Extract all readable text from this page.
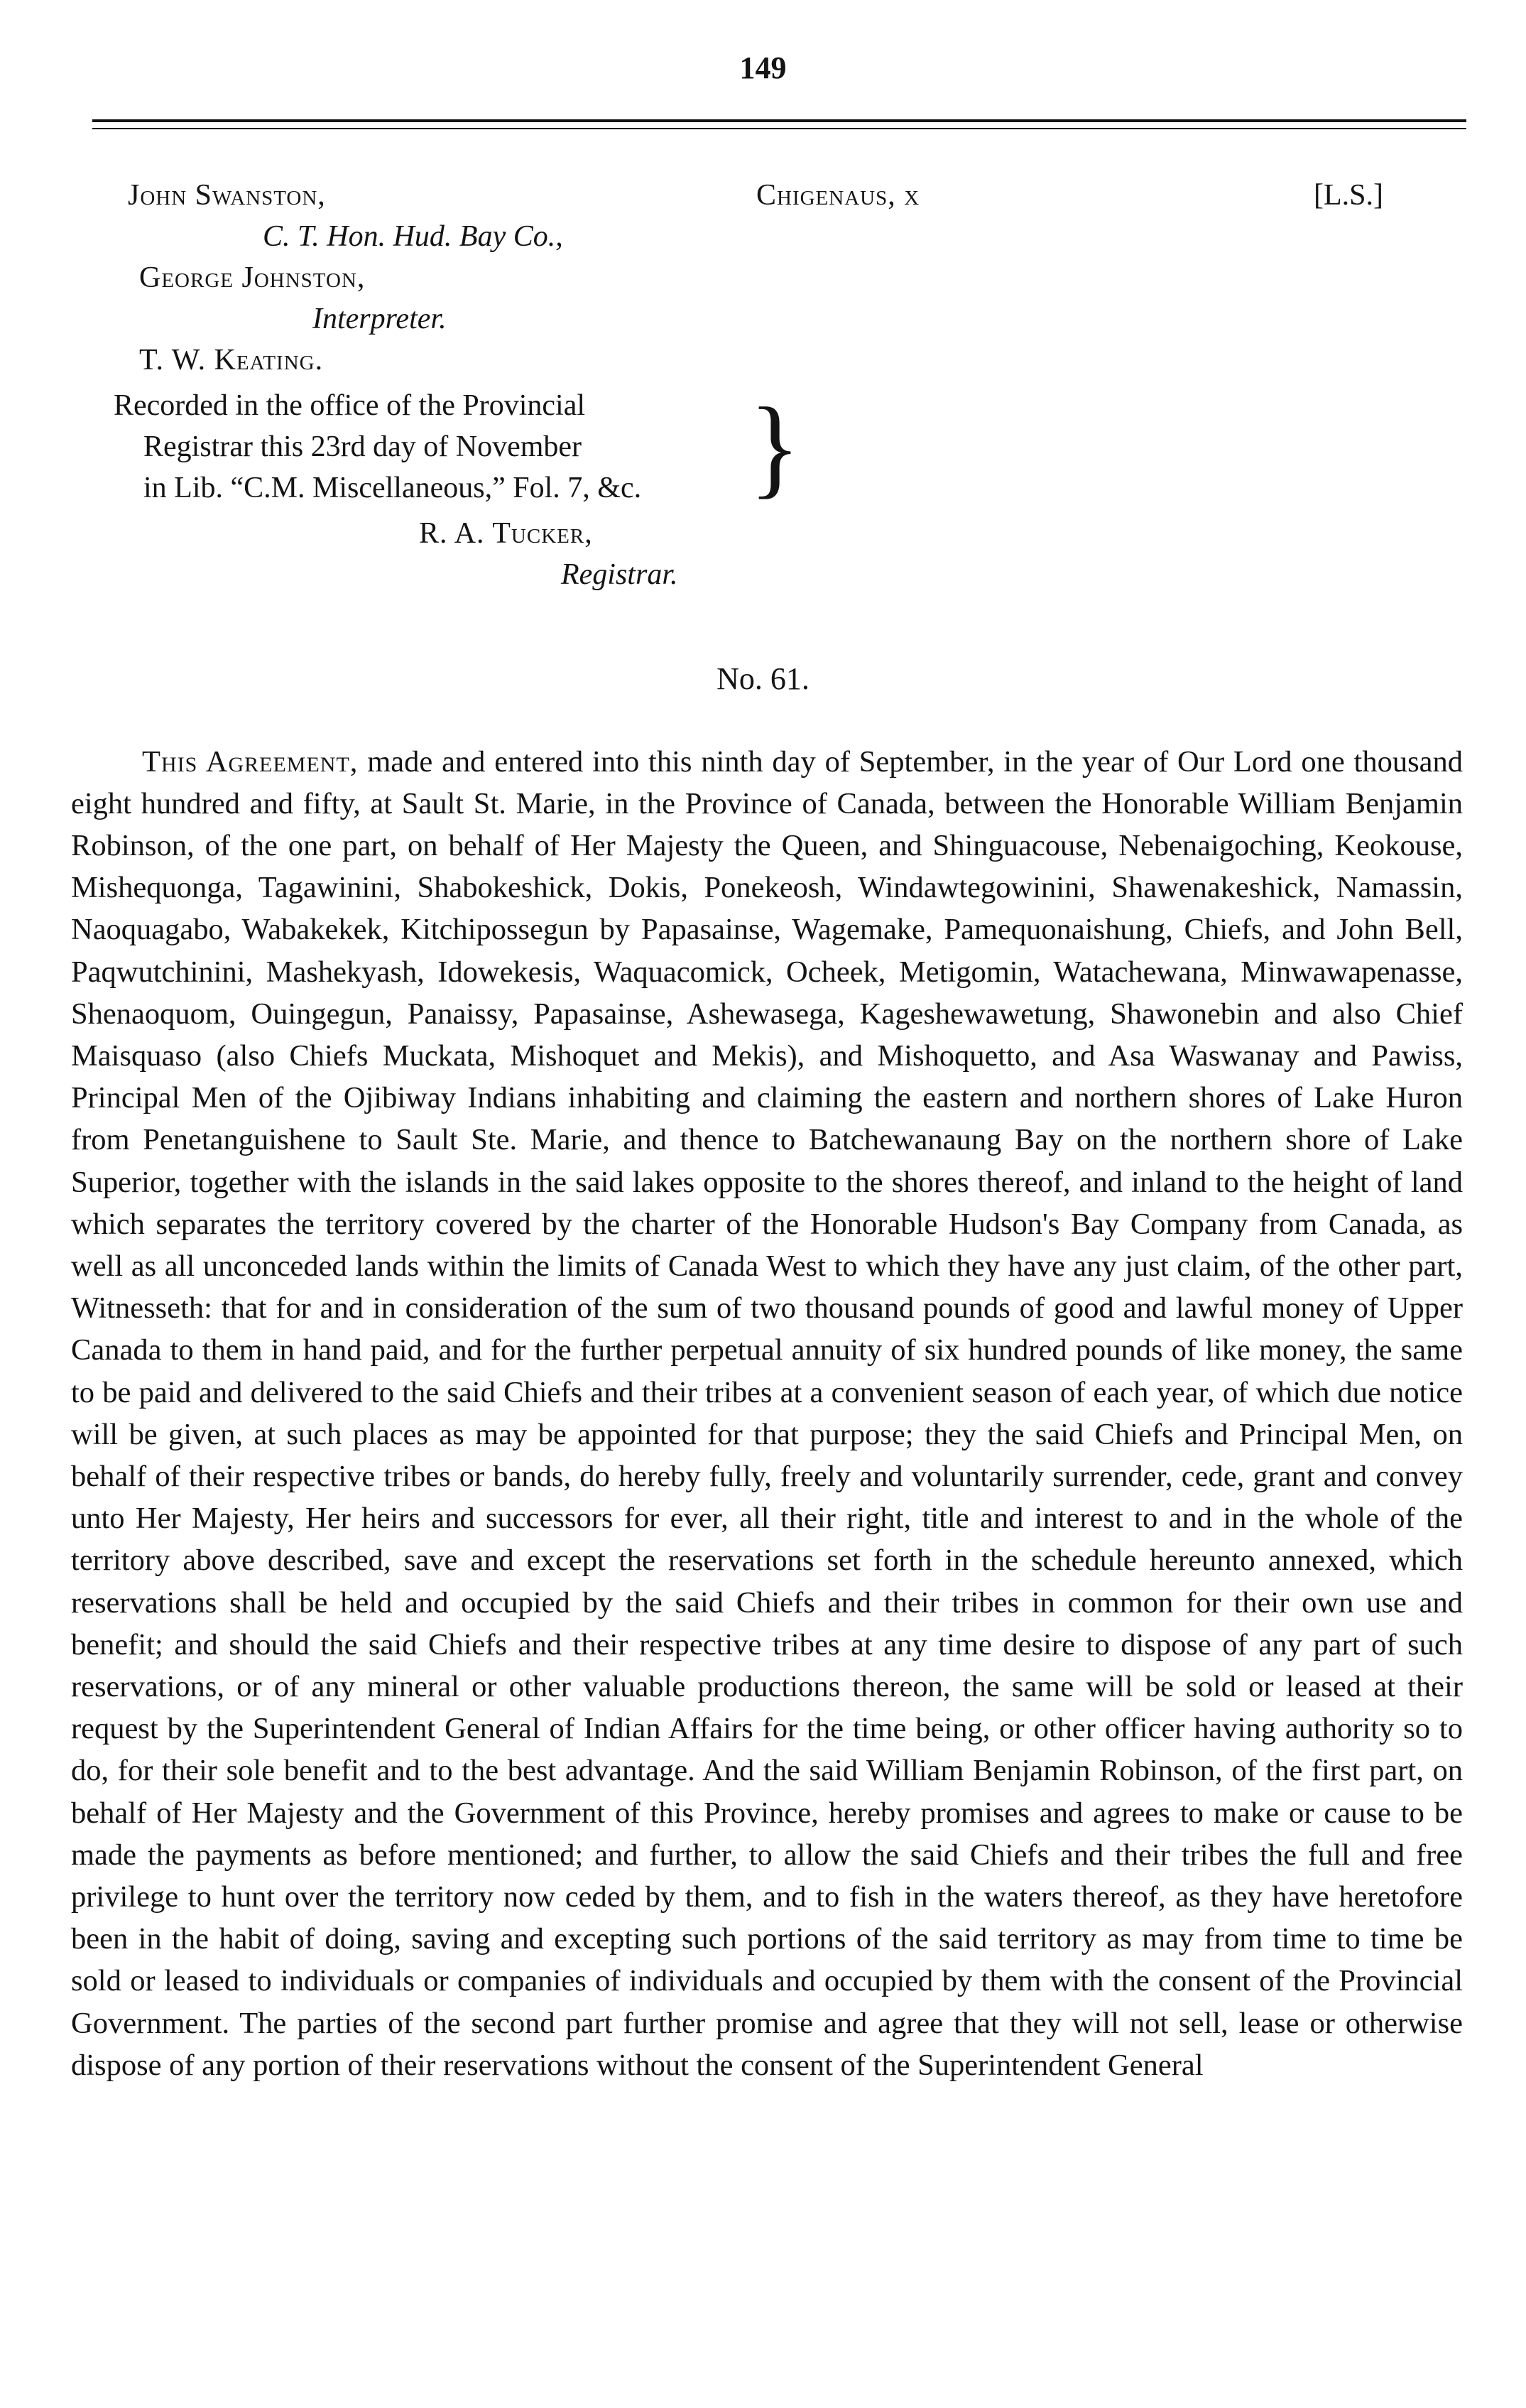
149
John Swanston,
C. T. Hon. Hud. Bay Co.,
George Johnston,
Interpreter.
T. W. Keating.
Chigenaus, x	[L.S.]
Recorded in the office of the Provincial
Registrar this 23rd day of November
in Lib. “C.M. Miscellaneous,” Fol. 7, &c.	}
R. A. Tucker,
Registrar.
No. 61.

This Agreement, made and entered into this ninth day of September, in the year of Our Lord one thousand eight hundred and fifty, at Sault St. Marie, in the Province of Canada, between the Honorable William Benjamin Robinson, of the one part, on behalf of Her Majesty the Queen, and Shinguacouse, Nebenaigoching, Keokouse, Mishequonga, Tagawinini, Shabokeshick, Dokis, Ponekeosh, Windawtegowinini, Shawenakeshick, Namassin, Naoquagabo, Wabakekek, Kitchipossegun by Papasainse, Wagemake, Pamequonaishung, Chiefs, and John Bell, Paqwutchinini, Mashekyash, Idowekesis, Waquacomick, Ocheek, Metigomin, Watachewana, Minwawapenasse, Shenaoquom, Ouingegun, Panaissy, Papasainse, Ashewasega, Kageshewawetung, Shawonebin and also Chief Maisquaso (also Chiefs Muckata, Mishoquet and Mekis), and Mishoquetto, and Asa Waswanay and Pawiss, Principal Men of the Ojibiway Indians inhabiting and claiming the eastern and northern shores of Lake Huron from Penetanguishene to Sault Ste. Marie, and thence to Batchewanaung Bay on the northern shore of Lake Superior, together with the islands in the said lakes opposite to the shores thereof, and inland to the height of land which separates the territory covered by the charter of the Honorable Hudson's Bay Company from Canada, as well as all unconceded lands within the limits of Canada West to which they have any just claim, of the other part, Witnesseth: that for and in consideration of the sum of two thousand pounds of good and lawful money of Upper Canada to them in hand paid, and for the further perpetual annuity of six hundred pounds of like money, the same to be paid and delivered to the said Chiefs and their tribes at a convenient season of each year, of which due notice will be given, at such places as may be appointed for that purpose; they the said Chiefs and Principal Men, on behalf of their respective tribes or bands, do hereby fully, freely and voluntarily surrender, cede, grant and convey unto Her Majesty, Her heirs and successors for ever, all their right, title and interest to and in the whole of the territory above described, save and except the reservations set forth in the schedule hereunto annexed, which reservations shall be held and occupied by the said Chiefs and their tribes in common for their own use and benefit; and should the said Chiefs and their respective tribes at any time desire to dispose of any part of such reservations, or of any mineral or other valuable productions thereon, the same will be sold or leased at their request by the Superintendent General of Indian Affairs for the time being, or other officer having authority so to do, for their sole benefit and to the best advantage. And the said William Benjamin Robinson, of the first part, on behalf of Her Majesty and the Government of this Province, hereby promises and agrees to make or cause to be made the payments as before mentioned; and further, to allow the said Chiefs and their tribes the full and free privilege to hunt over the territory now ceded by them, and to fish in the waters thereof, as they have heretofore been in the habit of doing, saving and excepting such portions of the said territory as may from time to time be sold or leased to individuals or companies of individuals and occupied by them with the consent of the Provincial Government. The parties of the second part further promise and agree that they will not sell, lease or otherwise dispose of any portion of their reservations without the consent of the Superintendent General
